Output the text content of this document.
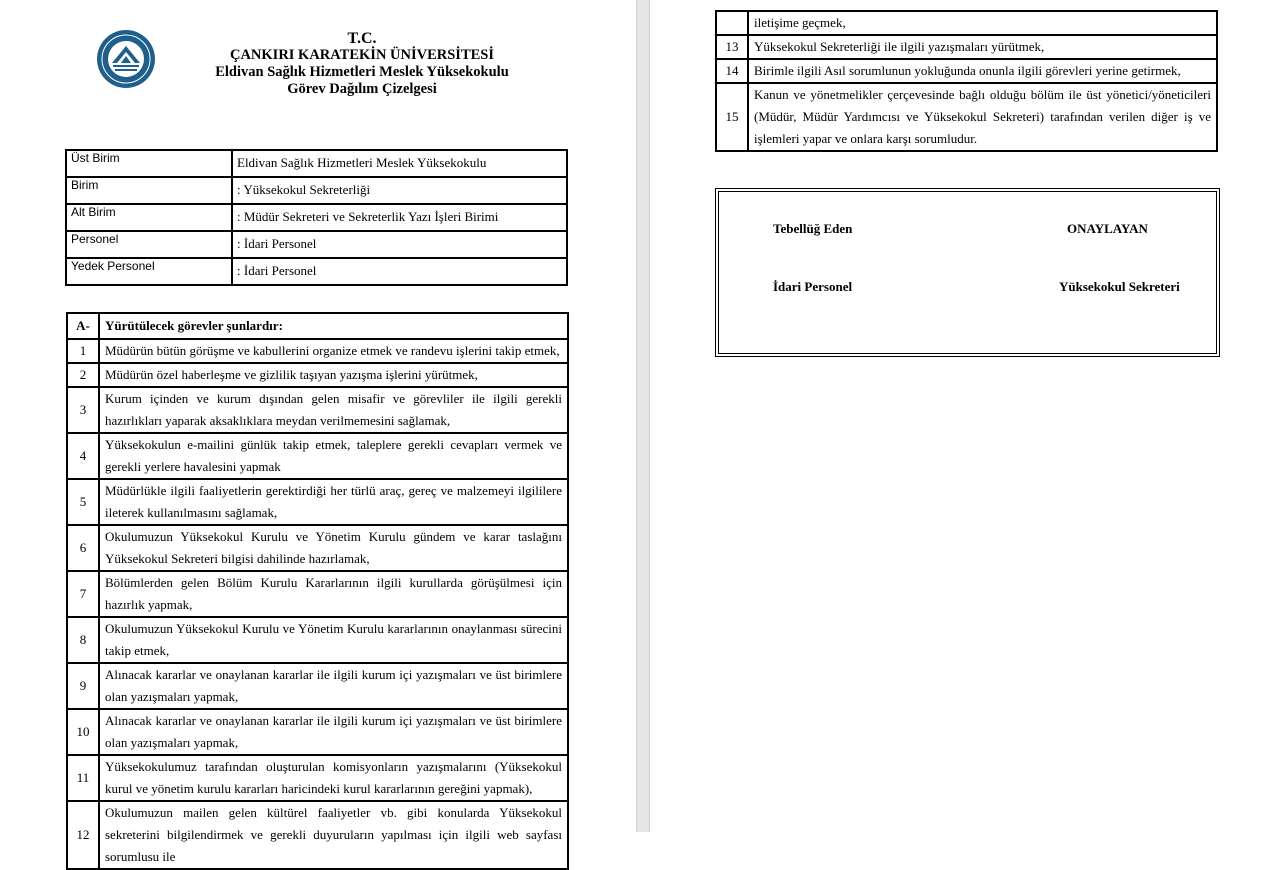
T.C.
ÇANKIRI KARATEKİN ÜNİVERSİTESİ
Eldivan Sağlık Hizmetleri Meslek Yüksekokulu
Görev Dağılım Çizelgesi
Üst Birim	Eldivan Sağlık Hizmetleri Meslek Yüksekokulu
Birim	: Yüksekokul Sekreterliği
Alt Birim	: Müdür Sekreteri ve Sekreterlik Yazı İşleri Birimi
Personel	: İdari Personel
Yedek Personel	: İdari Personel
A-	Yürütülecek görevler şunlardır:
1	Müdürün bütün görüşme ve kabullerini organize etmek ve randevu işlerini takip etmek,
2	Müdürün özel haberleşme ve gizlilik taşıyan yazışma işlerini yürütmek,
3	Kurum içinden ve kurum dışından gelen misafir ve görevliler ile ilgili gerekli hazırlıkları yaparak aksaklıklara meydan verilmemesini sağlamak,
4	Yüksekokulun e-mailini günlük takip etmek, taleplere gerekli cevapları vermek ve gerekli yerlere havalesini yapmak
5	Müdürlükle ilgili faaliyetlerin gerektirdiği her türlü araç, gereç ve malzemeyi ilgililere ileterek kullanılmasını sağlamak,
6	Okulumuzun Yüksekokul Kurulu ve Yönetim Kurulu gündem ve karar taslağını Yüksekokul Sekreteri bilgisi dahilinde hazırlamak,
7	Bölümlerden gelen Bölüm Kurulu Kararlarının ilgili kurullarda görüşülmesi için hazırlık yapmak,
8	Okulumuzun Yüksekokul Kurulu ve Yönetim Kurulu kararlarının onaylanması sürecini takip etmek,
9	Alınacak kararlar ve onaylanan kararlar ile ilgili kurum içi yazışmaları ve üst birimlere olan yazışmaları yapmak,
10	Alınacak kararlar ve onaylanan kararlar ile ilgili kurum içi yazışmaları ve üst birimlere olan yazışmaları yapmak,
11	Yüksekokulumuz tarafından oluşturulan komisyonların yazışmalarını (Yüksekokul kurul ve yönetim kurulu kararları haricindeki kurul kararlarının gereğini yapmak),
12	Okulumuzun mailen gelen kültürel faaliyetler vb. gibi konularda Yüksekokul sekreterini bilgilendirmek ve gerekli duyuruların yapılması için ilgili web sayfası sorumlusu ile
	iletişime geçmek,
13	Yüksekokul Sekreterliği ile ilgili yazışmaları yürütmek,
14	Birimle ilgili Asıl sorumlunun yokluğunda onunla ilgili görevleri yerine getirmek,
15	Kanun ve yönetmelikler çerçevesinde bağlı olduğu bölüm ile üst yönetici/yöneticileri (Müdür, Müdür Yardımcısı ve Yüksekokul Sekreteri) tarafından verilen diğer iş ve işlemleri yapar ve onlara karşı sorumludur.
Tebellüğ Eden	ONAYLAYAN
İdari Personel	Yüksekokul Sekreteri
